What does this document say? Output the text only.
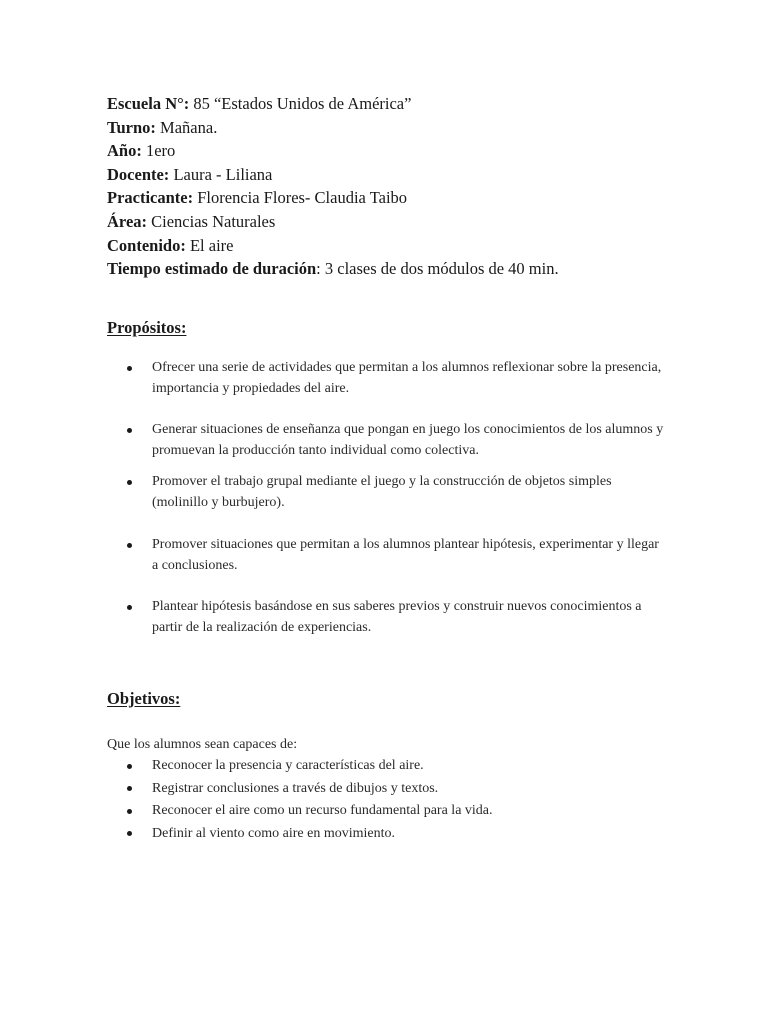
Escuela N°: 85 “Estados Unidos de América”
Turno: Mañana.
Año: 1ero
Docente: Laura - Liliana
Practicante: Florencia Flores- Claudia Taibo
Área: Ciencias Naturales
Contenido: El aire
Tiempo estimado de duración: 3 clases de dos módulos de 40 min.
Propósitos:
Ofrecer una serie de actividades que permitan a los alumnos reflexionar sobre la presencia, importancia y propiedades del aire.
Generar situaciones de enseñanza que pongan en juego los conocimientos de los alumnos y promuevan la producción tanto individual como colectiva.
Promover el trabajo grupal mediante el juego y la construcción de objetos simples (molinillo y burbujero).
Promover situaciones que permitan a los alumnos plantear hipótesis, experimentar y llegar a conclusiones.
Plantear hipótesis basándose en sus saberes previos y construir nuevos conocimientos a partir de la realización de experiencias.
Objetivos:
Que los alumnos sean capaces de:
Reconocer la presencia y características del aire.
Registrar conclusiones a través de dibujos y textos.
Reconocer el aire como un recurso fundamental para la vida.
Definir al viento como aire en movimiento.
